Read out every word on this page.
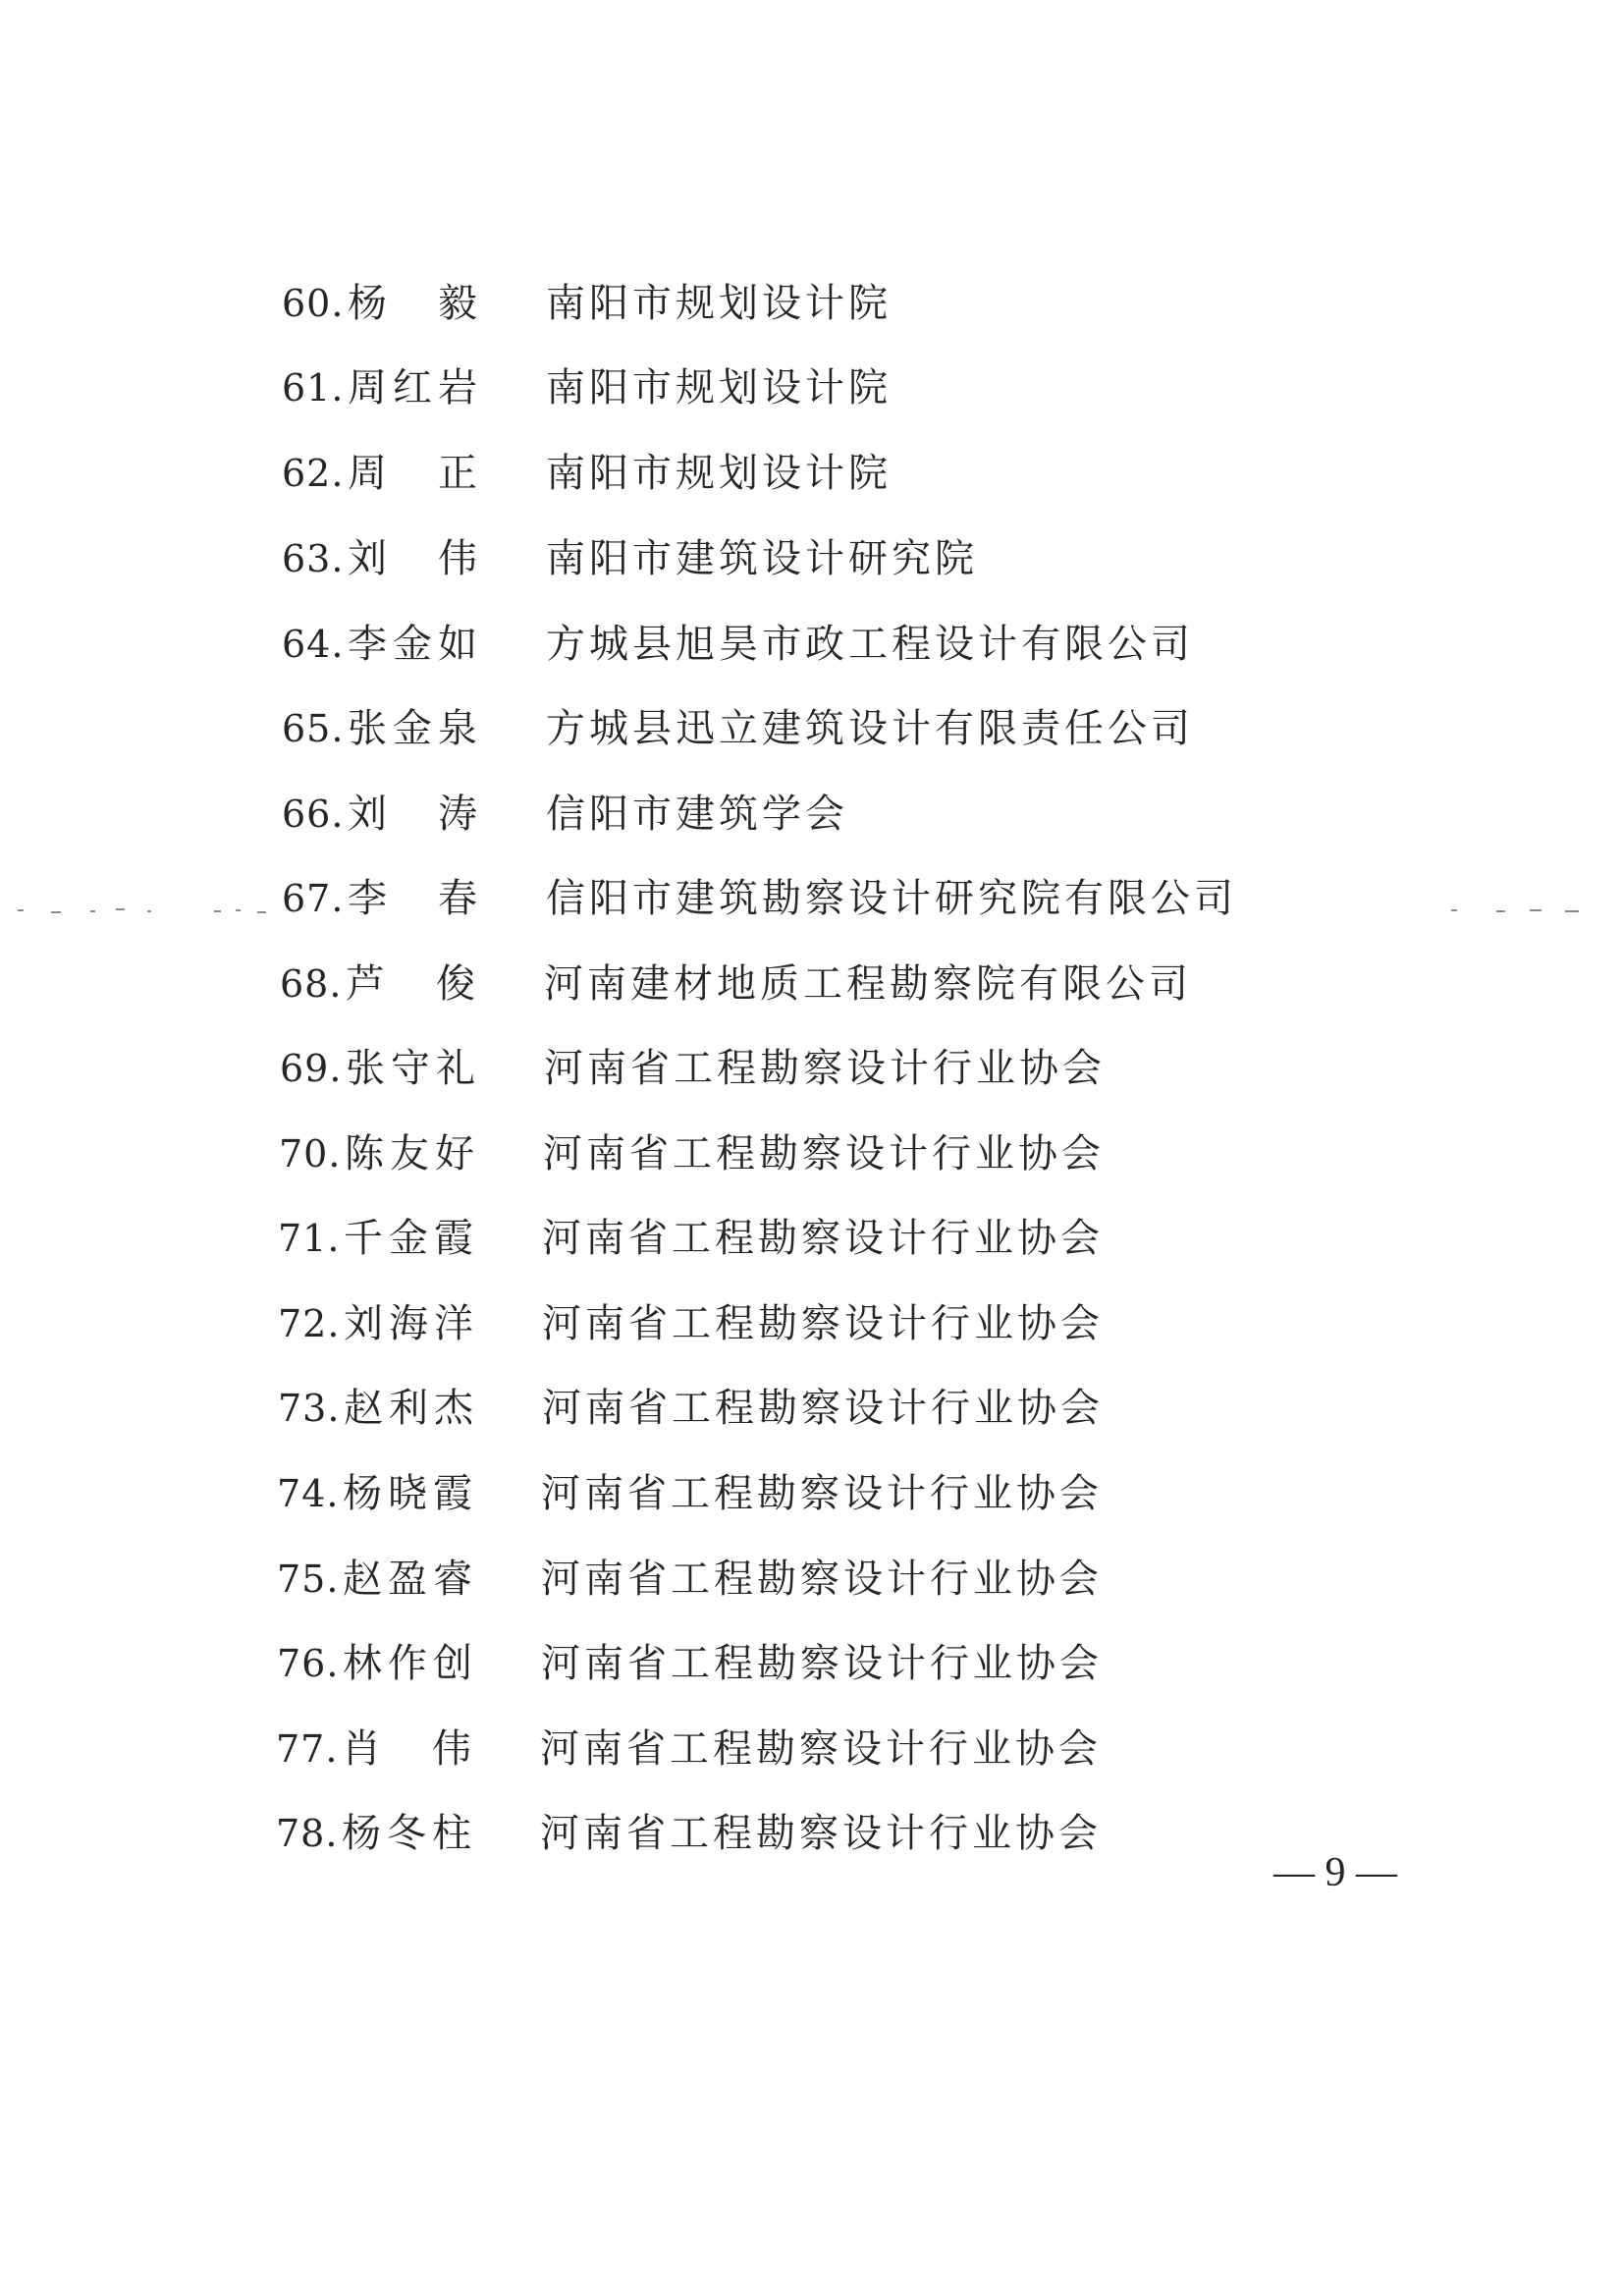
60. 杨毅 南阳市规划设计院
61. 周红岩 南阳市规划设计院
62. 周正 南阳市规划设计院
63. 刘伟 南阳市建筑设计研究院
64. 李金如 方城县旭昊市政工程设计有限公司
65. 张金泉 方城县迅立建筑设计有限责任公司
66. 刘涛 信阳市建筑学会
67. 李春 信阳市建筑勘察设计研究院有限公司
68. 芦俊 河南建材地质工程勘察院有限公司
69. 张守礼 河南省工程勘察设计行业协会
70. 陈友好 河南省工程勘察设计行业协会
71. 千金霞 河南省工程勘察设计行业协会
72. 刘海洋 河南省工程勘察设计行业协会
73. 赵利杰 河南省工程勘察设计行业协会
74. 杨晓霞 河南省工程勘察设计行业协会
75. 赵盈睿 河南省工程勘察设计行业协会
76. 林作创 河南省工程勘察设计行业协会
77. 肖伟 河南省工程勘察设计行业协会
78. 杨冬柱 河南省工程勘察设计行业协会
— 9 —
